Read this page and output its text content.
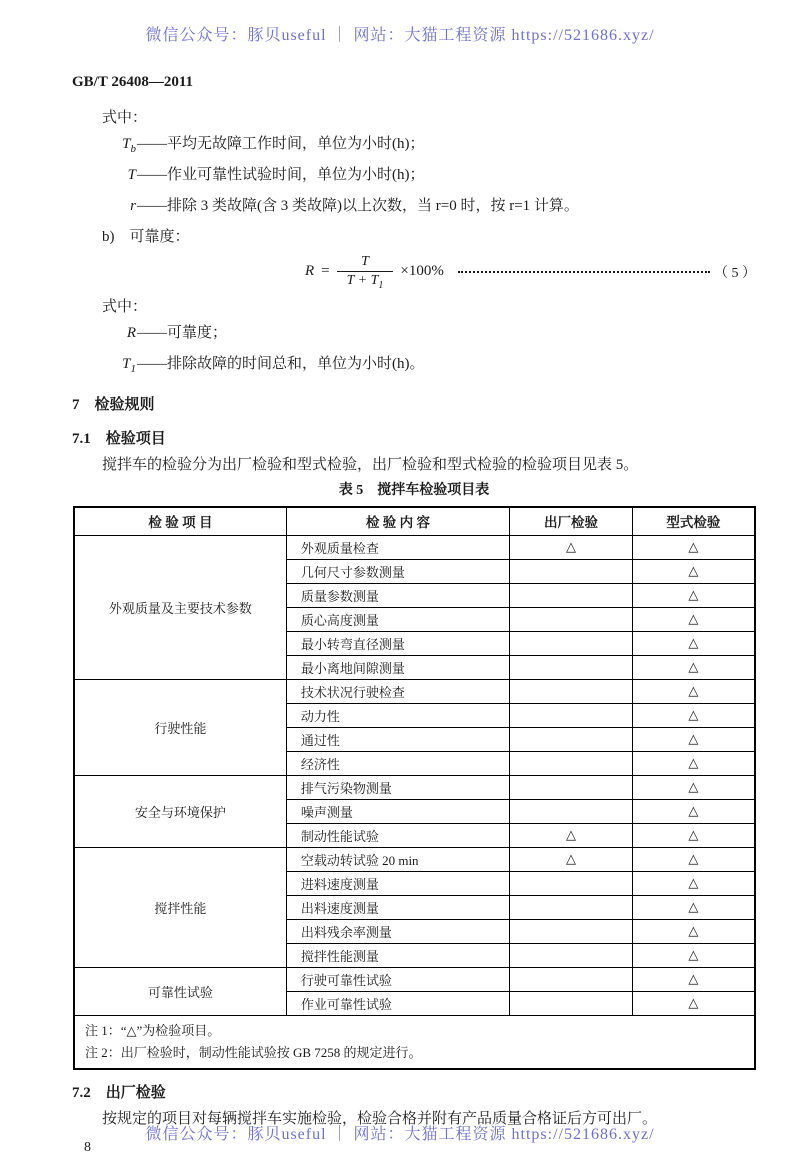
微信公众号：豚贝useful ｜ 网站：大猫工程资源 https://521686.xyz/
GB/T 26408—2011
式中：
$T_b$ ——平均无故障工作时间，单位为小时(h)；
T ——作业可靠性试验时间，单位为小时(h)；
r ——排除 3 类故障(含 3 类故障)以上次数，当 r=0 时，按 r=1 计算。
b)　可靠度：
$R = \frac{T}{T + T_1} \times 100\%$	（ 5 ）
式中：
R ——可靠度；
$T_1$ ——排除故障的时间总和，单位为小时(h)。
7　检验规则
7.1　检验项目

搅拌车的检验分为出厂检验和型式检验，出厂检验和型式检验的检验项目见表 5。

表 5　搅拌车检验项目表
检 验 项 目	检 验 内 容	出厂检验	型式检验
外观质量及主要技术参数	外观质量检查	△	△
	几何尺寸参数测量		△
	质量参数测量		△
	质心高度测量		△
	最小转弯直径测量		△
	最小离地间隙测量		△
行驶性能	技术状况行驶检查		△
	动力性		△
	通过性		△
	经济性		△
安全与环境保护	排气污染物测量		△
	噪声测量		△
	制动性能试验	△	△
搅拌性能	空载动转试验 20 min	△	△
	进料速度测量		△
	出料速度测量		△
	出料残余率测量		△
	搅拌性能测量		△
可靠性试验	行驶可靠性试验		△
	作业可靠性试验		△

注 1：“△”为检验项目。
注 2：出厂检验时，制动性能试验按 GB 7258 的规定进行。			
7.2　出厂检验

按规定的项目对每辆搅拌车实施检验，检验合格并附有产品质量合格证后方可出厂。

8
微信公众号：豚贝useful ｜ 网站：大猫工程资源 https://521686.xyz/
